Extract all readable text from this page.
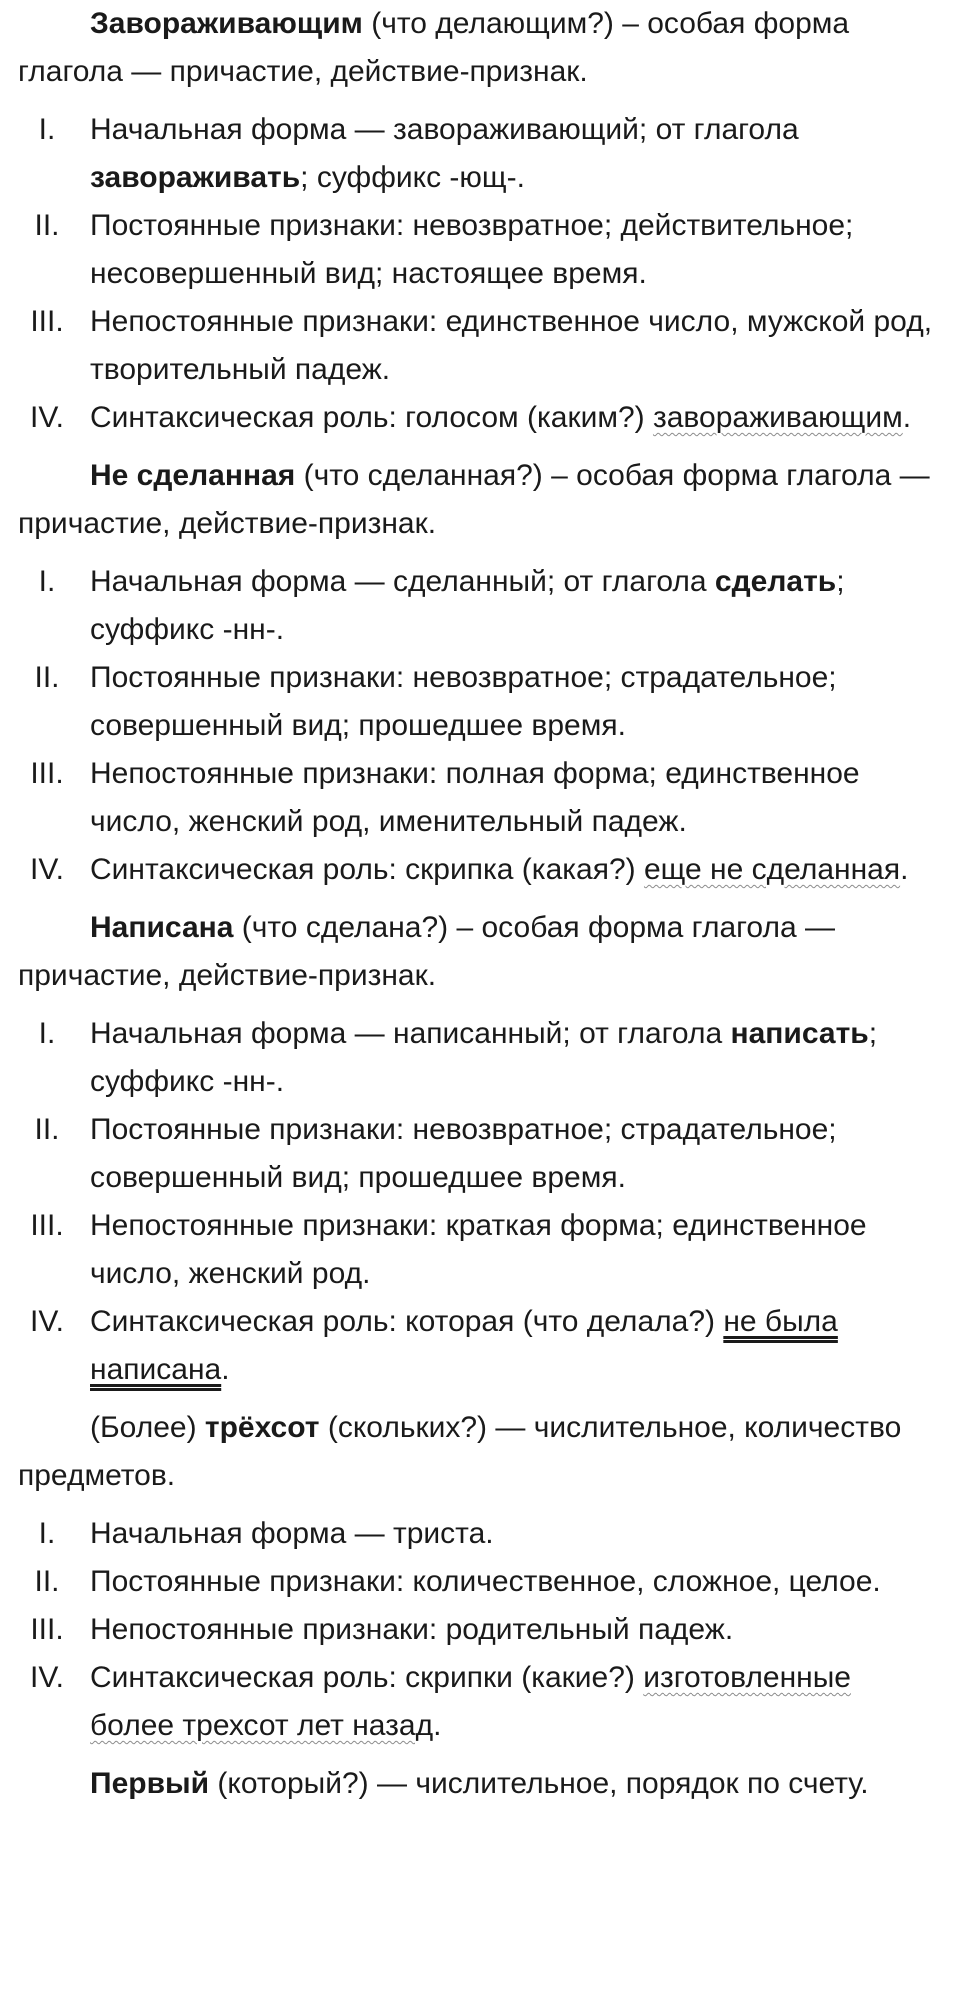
Завораживающим (что делающим?) – особая форма глагола — причастие, действие-признак.

I.	Начальная форма — завораживающий; от глагола завораживать; суффикс -ющ-.
II.	Постоянные признаки: невозвратное; действительное; несовершенный вид; настоящее время.
III. Непостоянные признаки: единственное число, мужской род, творительный падеж.
IV. Синтаксическая роль: голосом (каким?) завораживающим.

Не сделанная (что сделанная?) – особая форма глагола — причастие, действие-признак.

I.	Начальная форма — сделанный; от глагола сделать; суффикс -нн-.
II.	Постоянные признаки: невозвратное; страдательное; совершенный вид; прошедшее время.
III. Непостоянные признаки: полная форма; единственное число, женский род, именительный падеж.
IV. Синтаксическая роль: скрипка (какая?) еще не сделанная.

Написана (что сделана?) – особая форма глагола — причастие, действие-признак.

I.	Начальная форма — написанный; от глагола написать; суффикс -нн-.
II.	Постоянные признаки: невозвратное; страдательное; совершенный вид; прошедшее время.
III. Непостоянные признаки: краткая форма; единственное число, женский род.
IV. Синтаксическая роль: которая (что делала?) не была написана.

(Более) трёхсот (скольких?) — числительное, количество предметов.

I.	Начальная форма — триста.
II.	Постоянные признаки: количественное, сложное, целое.
III. Непостоянные признаки: родительный падеж.
IV. Синтаксическая роль: скрипки (какие?) изготовленные более трехсот лет назад.

Первый (который?) — числительное, порядок по счету.
